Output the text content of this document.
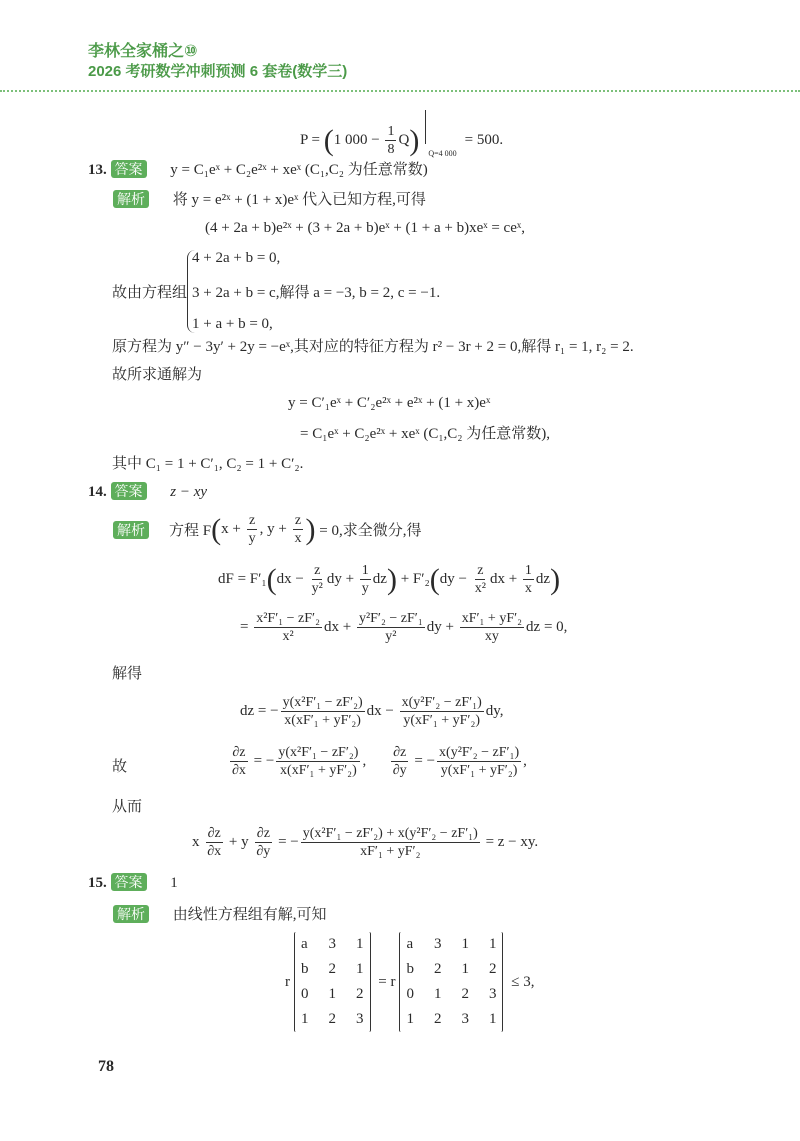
李林全家桶之⑩
2026 考研数学冲刺预测 6 套卷(数学三)
P = ( 1 $000 - \frac{1}{8}$ Q ) $_{Q=4 000}$= 500.
13. 答案 y = C₁eˣ + C₂e²ˣ + xeˣ (C₁,C₂ 为任意常数)
解析 将 y = e²ˣ + (1 + x)eˣ 代入已知方程,可得
(4 + 2a + b)e²ˣ + (3 + 2a + b)eˣ + (1 + a + b)xeˣ = ceˣ,
故由方程组
4 + 2a + b = 0,
3 + 2a + b = c,解得 a = −3, b = 2, c = −1.
1 + a + b = 0,
原方程为 y″ − 3y′ + 2y = −eˣ,其对应的特征方程为 r² − 3r + 2 = 0,解得 r₁ = 1, r₂ = 2.
故所求通解为
y = C′₁eˣ + C′₂e²ˣ + e²ˣ + (1 + x)eˣ
= C₁eˣ + C₂e²ˣ + xeˣ (C₁,C₂ 为任意常数),
其中 C₁ = 1 + C′₁, C₂ = 1 + C′₂.
14. 答案 z − xy
解析 方程 F ( $x + \frac{z}{y}$ , $y + \frac{z}{x}$ ) = 0,求全微分,得
dF = F′₁ ( dx − $\frac{z}{\text{y²}}$ dy + $\frac{1}{y}$ dz ) + F′₂ ( dy − $\frac{z}{\text{x²}}$ dx + $\frac{1}{x}$ dz )
= $\frac{\text{x²F′₁ − zF′₂}}{\text{x²}}$ dx + $\frac{\text{y²F′₂ − zF′₁}}{\text{y²}}$ dy + $\frac{\text{xF′₁ + yF′₂}}{xy}$ dz = 0,
解得
dz = − $\frac{\text{y(x²F′₁ − zF′₂)}}{\text{x(xF′₁ + yF′₂)}}$ dx − $\frac{\text{x(y²F′₂ − zF′₁)}}{\text{y(xF′₁ + yF′₂)}}$ dy,
故	$\frac{\partial z}{\partial x}$ = − $\frac{\text{y(x²F′₁ − zF′₂)}}{\text{x(xF′₁ + yF′₂)}}$ , $\frac{\partial z}{\partial y}$ = − $\frac{\text{x(y²F′₂ − zF′₁)}}{\text{y(xF′₁ + yF′₂)}}$ ,
从而
x $\frac{\partial z}{\partial x} + y \frac{\partial z}{\partial y}$ = − $\frac{\text{y(x²F′₁ − zF′₂) + x(y²F′₂ − zF′₁)}}{\text{xF′₁ + yF′₂}} = z$ − xy.
15. 答案 1
解析 由线性方程组有解,可知
r
a 3 1
b 2 1
0 1 2
1 2 3
= r
a 3 1 1
b 2 1 2
0 1 2 3
1 2 3 1
≤ 3,
78
